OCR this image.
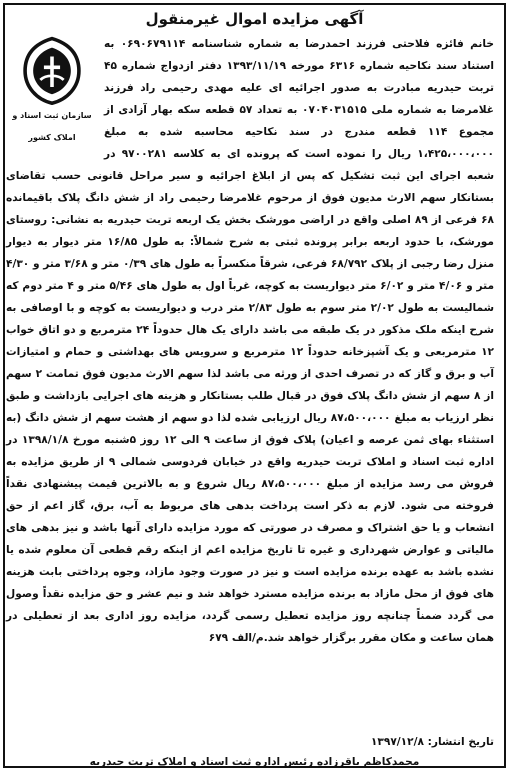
آگهی مزایده اموال غیرمنقول
سازمان ثبت اسناد و املاک کشور
خانم فائزه فلاحتی فرزند احمدرضا به شماره شناسنامه ۰۶۹۰۶۷۹۱۱۴ به استناد سند نکاحیه شماره ۶۳۱۶ مورخه ۱۳۹۳/۱۱/۱۹ دفتر ازدواج شماره ۴۵ تربت حیدریه مبادرت به صدور اجرائیه ای علیه مهدی رحیمی راد فرزند غلامرضا به شماره ملی ۰۷۰۴۰۳۱۵۱۵ به تعداد ۵۷ قطعه سکه بهار آزادی از مجموع ۱۱۴ قطعه مندرج در سند نکاحیه محاسبه شده به مبلغ ۱،۴۲۵،۰۰۰،۰۰۰ ریال را نموده است که پرونده ای به کلاسه ۹۷۰۰۲۸۱ در شعبه اجرای این ثبت تشکیل که پس از ابلاغ اجرائیه و سیر مراحل قانونی حسب تقاضای بستانکار سهم الارث مدیون فوق از مرحوم غلامرضا رحیمی راد از شش دانگ پلاک باقیمانده ۶۸ فرعی از ۸۹ اصلی واقع در اراضی مورشک بخش یک اربعه تربت حیدریه به نشانی: روستای مورشک، با حدود اربعه برابر پرونده ثبتی به شرح شمالاً: به طول ۱۶/۸۵ متر دیوار به دیوار منزل رضا رجبی از پلاک ۶۸/۷۹۲ فرعی، شرقاً منکسراً به طول های ۰/۳۹ متر و ۳/۶۸ متر و ۴/۳۰ متر و ۴/۰۶ متر و ۶/۰۲ متر دیواریست به کوچه، غرباً اول به طول های ۵/۴۶ متر و ۴ متر دوم که شمالیست به طول ۲/۰۲ متر سوم به طول ۲/۸۳ متر درب و دیواریست به کوچه و با اوصافی به شرح اینکه ملک مذکور در یک طبقه می باشد دارای یک هال حدوداً ۲۴ مترمربع و دو اتاق خواب ۱۲ مترمربعی و یک آشپزخانه حدوداً ۱۲ مترمربع و سرویس های بهداشتی و حمام و امتیازات آب و برق و گاز که در تصرف احدی از ورثه می باشد لذا سهم الارث مدیون فوق تمامت ۲ سهم از ۸ سهم از شش دانگ پلاک فوق در قبال طلب بستانکار و هزینه های اجرایی بازداشت و طبق نظر ارزیاب به مبلغ ۸۷،۵۰۰،۰۰۰ ریال ارزیابی شده لذا دو سهم از هشت سهم از شش دانگ (به استثناء بهای ثمن عرصه و اعیان) پلاک فوق از ساعت ۹ الی ۱۲ روز ۵شنبه مورخ ۱۳۹۸/۱/۸ در اداره ثبت اسناد و املاک تربت حیدریه واقع در خیابان فردوسی شمالی ۹ از طریق مزایده به فروش می رسد مزایده از مبلغ ۸۷،۵۰۰،۰۰۰ ریال شروع و به بالاترین قیمت پیشنهادی نقداً فروخته می شود. لازم به ذکر است پرداخت بدهی های مربوط به آب، برق، گاز اعم از حق انشعاب و یا حق اشتراک و مصرف در صورتی که مورد مزایده دارای آنها باشد و نیز بدهی های مالیاتی و عوارض شهرداری و غیره تا تاریخ مزایده اعم از اینکه رقم قطعی آن معلوم شده یا نشده باشد به عهده برنده مزایده است و نیز در صورت وجود مازاد، وجوه پرداختی بابت هزینه های فوق از محل مازاد به برنده مزایده مسترد خواهد شد و نیم عشر و حق مزایده نقداً وصول می گردد ضمناً چنانچه روز مزایده تعطیل رسمی گردد، مزایده روز اداری بعد از تعطیلی در همان ساعت و مکان مقرر برگزار خواهد شد.م/الف ۶۷۹
تاریخ انتشار: ۱۳۹۷/۱۲/۸
محمدکاظم باقرزاده رئیس اداره ثبت اسناد و املاک تربت حیدریه
